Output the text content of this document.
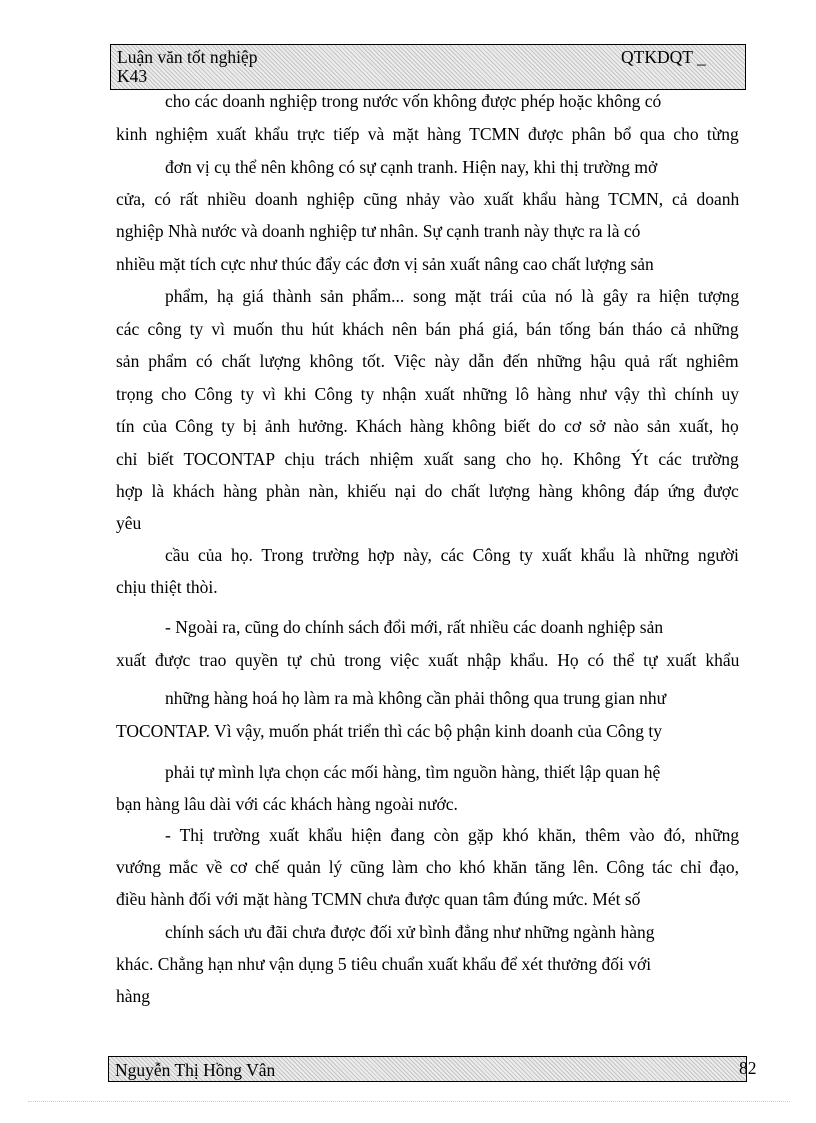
Luận văn tốt nghiệp
K43
QTKDQT _
cho các doanh nghiệp trong nước vốn không được phép hoặc không có
kinh nghiệm xuất khẩu trực tiếp và mặt hàng TCMN được phân bổ qua cho từng
đơn vị cụ thể nên không có sự cạnh tranh. Hiện nay, khi thị trường mở
cửa, có rất nhiều doanh nghiệp cũng nhảy vào xuất khẩu hàng TCMN, cả doanh
nghiệp Nhà nước và doanh nghiệp tư nhân. Sự cạnh tranh này thực ra là có
nhiều mặt tích cực như thúc đẩy các đơn vị sản xuất nâng cao chất lượng sản
phẩm, hạ giá thành sản phẩm... song mặt trái của nó là gây ra hiện tượng
các công ty vì muốn thu hút khách nên bán phá giá, bán tống bán tháo cả những
sản phẩm có chất lượng không tốt. Việc này dẫn đến những hậu quả rất nghiêm
trọng cho Công ty vì khi Công ty nhận xuất những lô hàng như vậy thì chính uy
tín của Công ty bị ảnh hưởng. Khách hàng không biết do cơ sở nào sản xuất, họ
chỉ biết TOCONTAP chịu trách nhiệm xuất sang cho họ. Không Ýt các trường
hợp là khách hàng phàn nàn, khiếu nại do chất lượng hàng không đáp ứng được
yêu
cầu của họ. Trong trường hợp này, các Công ty xuất khẩu là những người
chịu thiệt thòi.
- Ngoài ra, cũng do chính sách đổi mới, rất nhiều các doanh nghiệp sản
xuất được trao quyền tự chủ trong việc xuất nhập khẩu. Họ có thể tự xuất khẩu
những hàng hoá họ làm ra mà không cần phải thông qua trung gian như
TOCONTAP. Vì vậy, muốn phát triển thì các bộ phận kinh doanh của Công ty
phải tự mình lựa chọn các mối hàng, tìm nguồn hàng, thiết lập quan hệ
bạn hàng lâu dài với các khách hàng ngoài nước.
- Thị trường xuất khẩu hiện đang còn gặp khó khăn, thêm vào đó, những
vướng mắc về cơ chế quản lý cũng làm cho khó khăn tăng lên. Công tác chỉ đạo,
điều hành đối với mặt hàng TCMN chưa được quan tâm đúng mức. Mét số
chính sách ưu đãi chưa được đối xử bình đẳng như những ngành hàng
khác. Chẳng hạn như vận dụng 5 tiêu chuẩn xuất khẩu để xét thưởng đối với
hàng
Nguyễn Thị Hồng Vân	82
